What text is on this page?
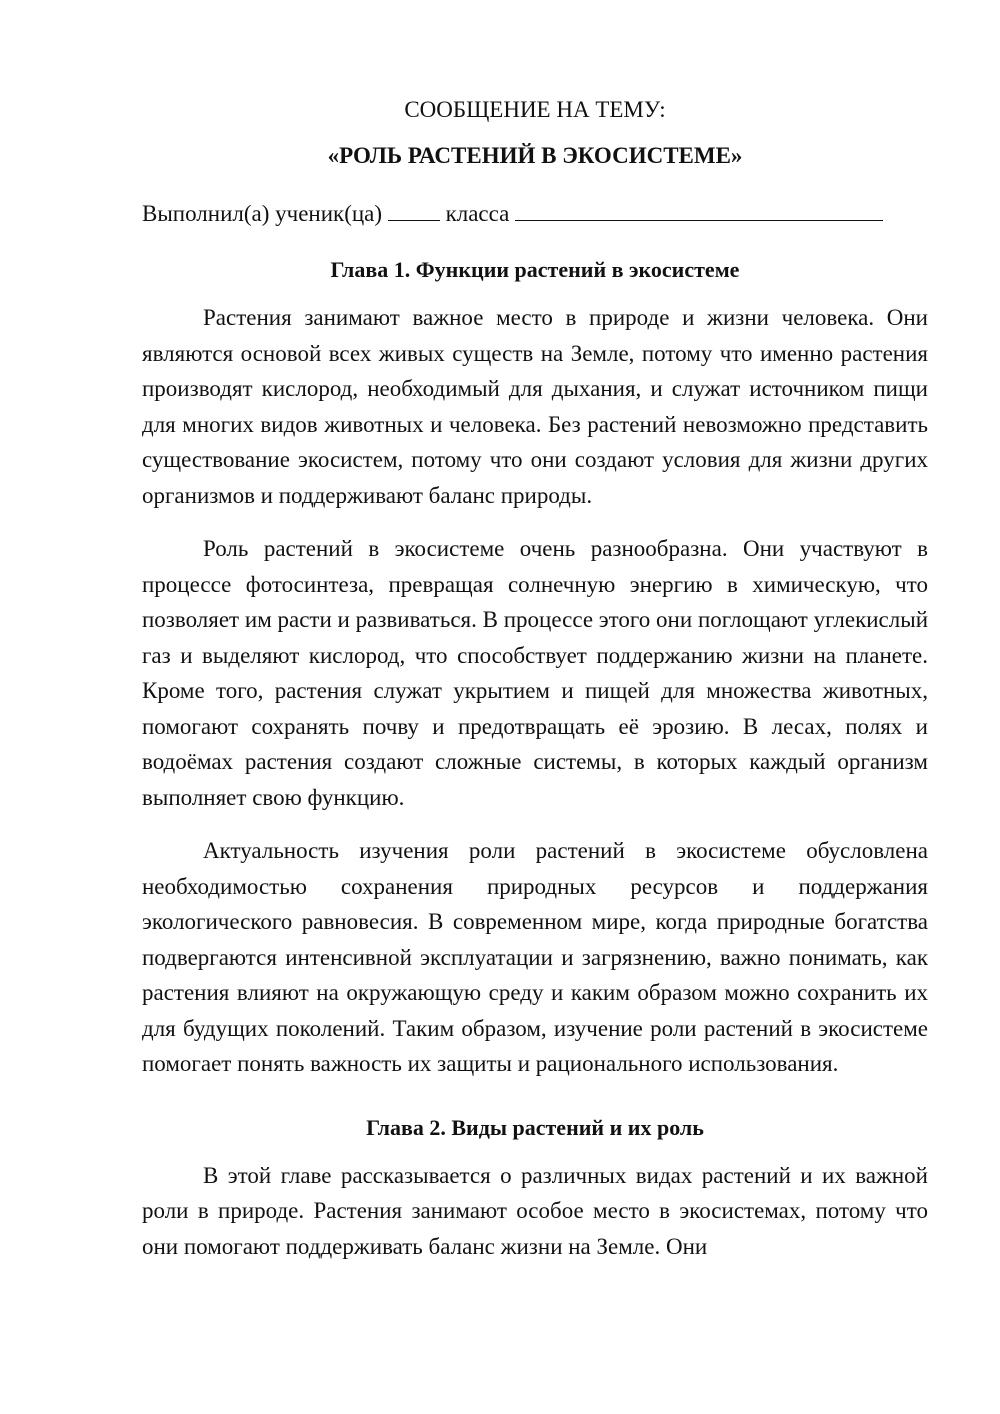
СООБЩЕНИЕ НА ТЕМУ:

«РОЛЬ РАСТЕНИЙ В ЭКОСИСТЕМЕ»

Выполнил(а) ученик(ца)	класса
Глава 1. Функции растений в экосистеме

Растения занимают важное место в природе и жизни человека. Они являются основой всех живых существ на Земле, потому что именно растения производят кислород, необходимый для дыхания, и служат источником пищи для многих видов животных и человека. Без растений невозможно представить существование экосистем, потому что они создают условия для жизни других организмов и поддерживают баланс природы.

Роль растений в экосистеме очень разнообразна. Они участвуют в процессе фотосинтеза, превращая солнечную энергию в химическую, что позволяет им расти и развиваться. В процессе этого они поглощают углекислый газ и выделяют кислород, что способствует поддержанию жизни на планете. Кроме того, растения служат укрытием и пищей для множества животных, помогают сохранять почву и предотвращать её эрозию. В лесах, полях и водоёмах растения создают сложные системы, в которых каждый организм выполняет свою функцию.

Актуальность изучения роли растений в экосистеме обусловлена необходимостью сохранения природных ресурсов и поддержания экологического равновесия. В современном мире, когда природные богатства подвергаются интенсивной эксплуатации и загрязнению, важно понимать, как растения влияют на окружающую среду и каким образом можно сохранить их для будущих поколений. Таким образом, изучение роли растений в экосистеме помогает понять важность их защиты и рационального использования.

Глава 2. Виды растений и их роль

В этой главе рассказывается о различных видах растений и их важной роли в природе. Растения занимают особое место в экосистемах, потому что они помогают поддерживать баланс жизни на Земле. Они
